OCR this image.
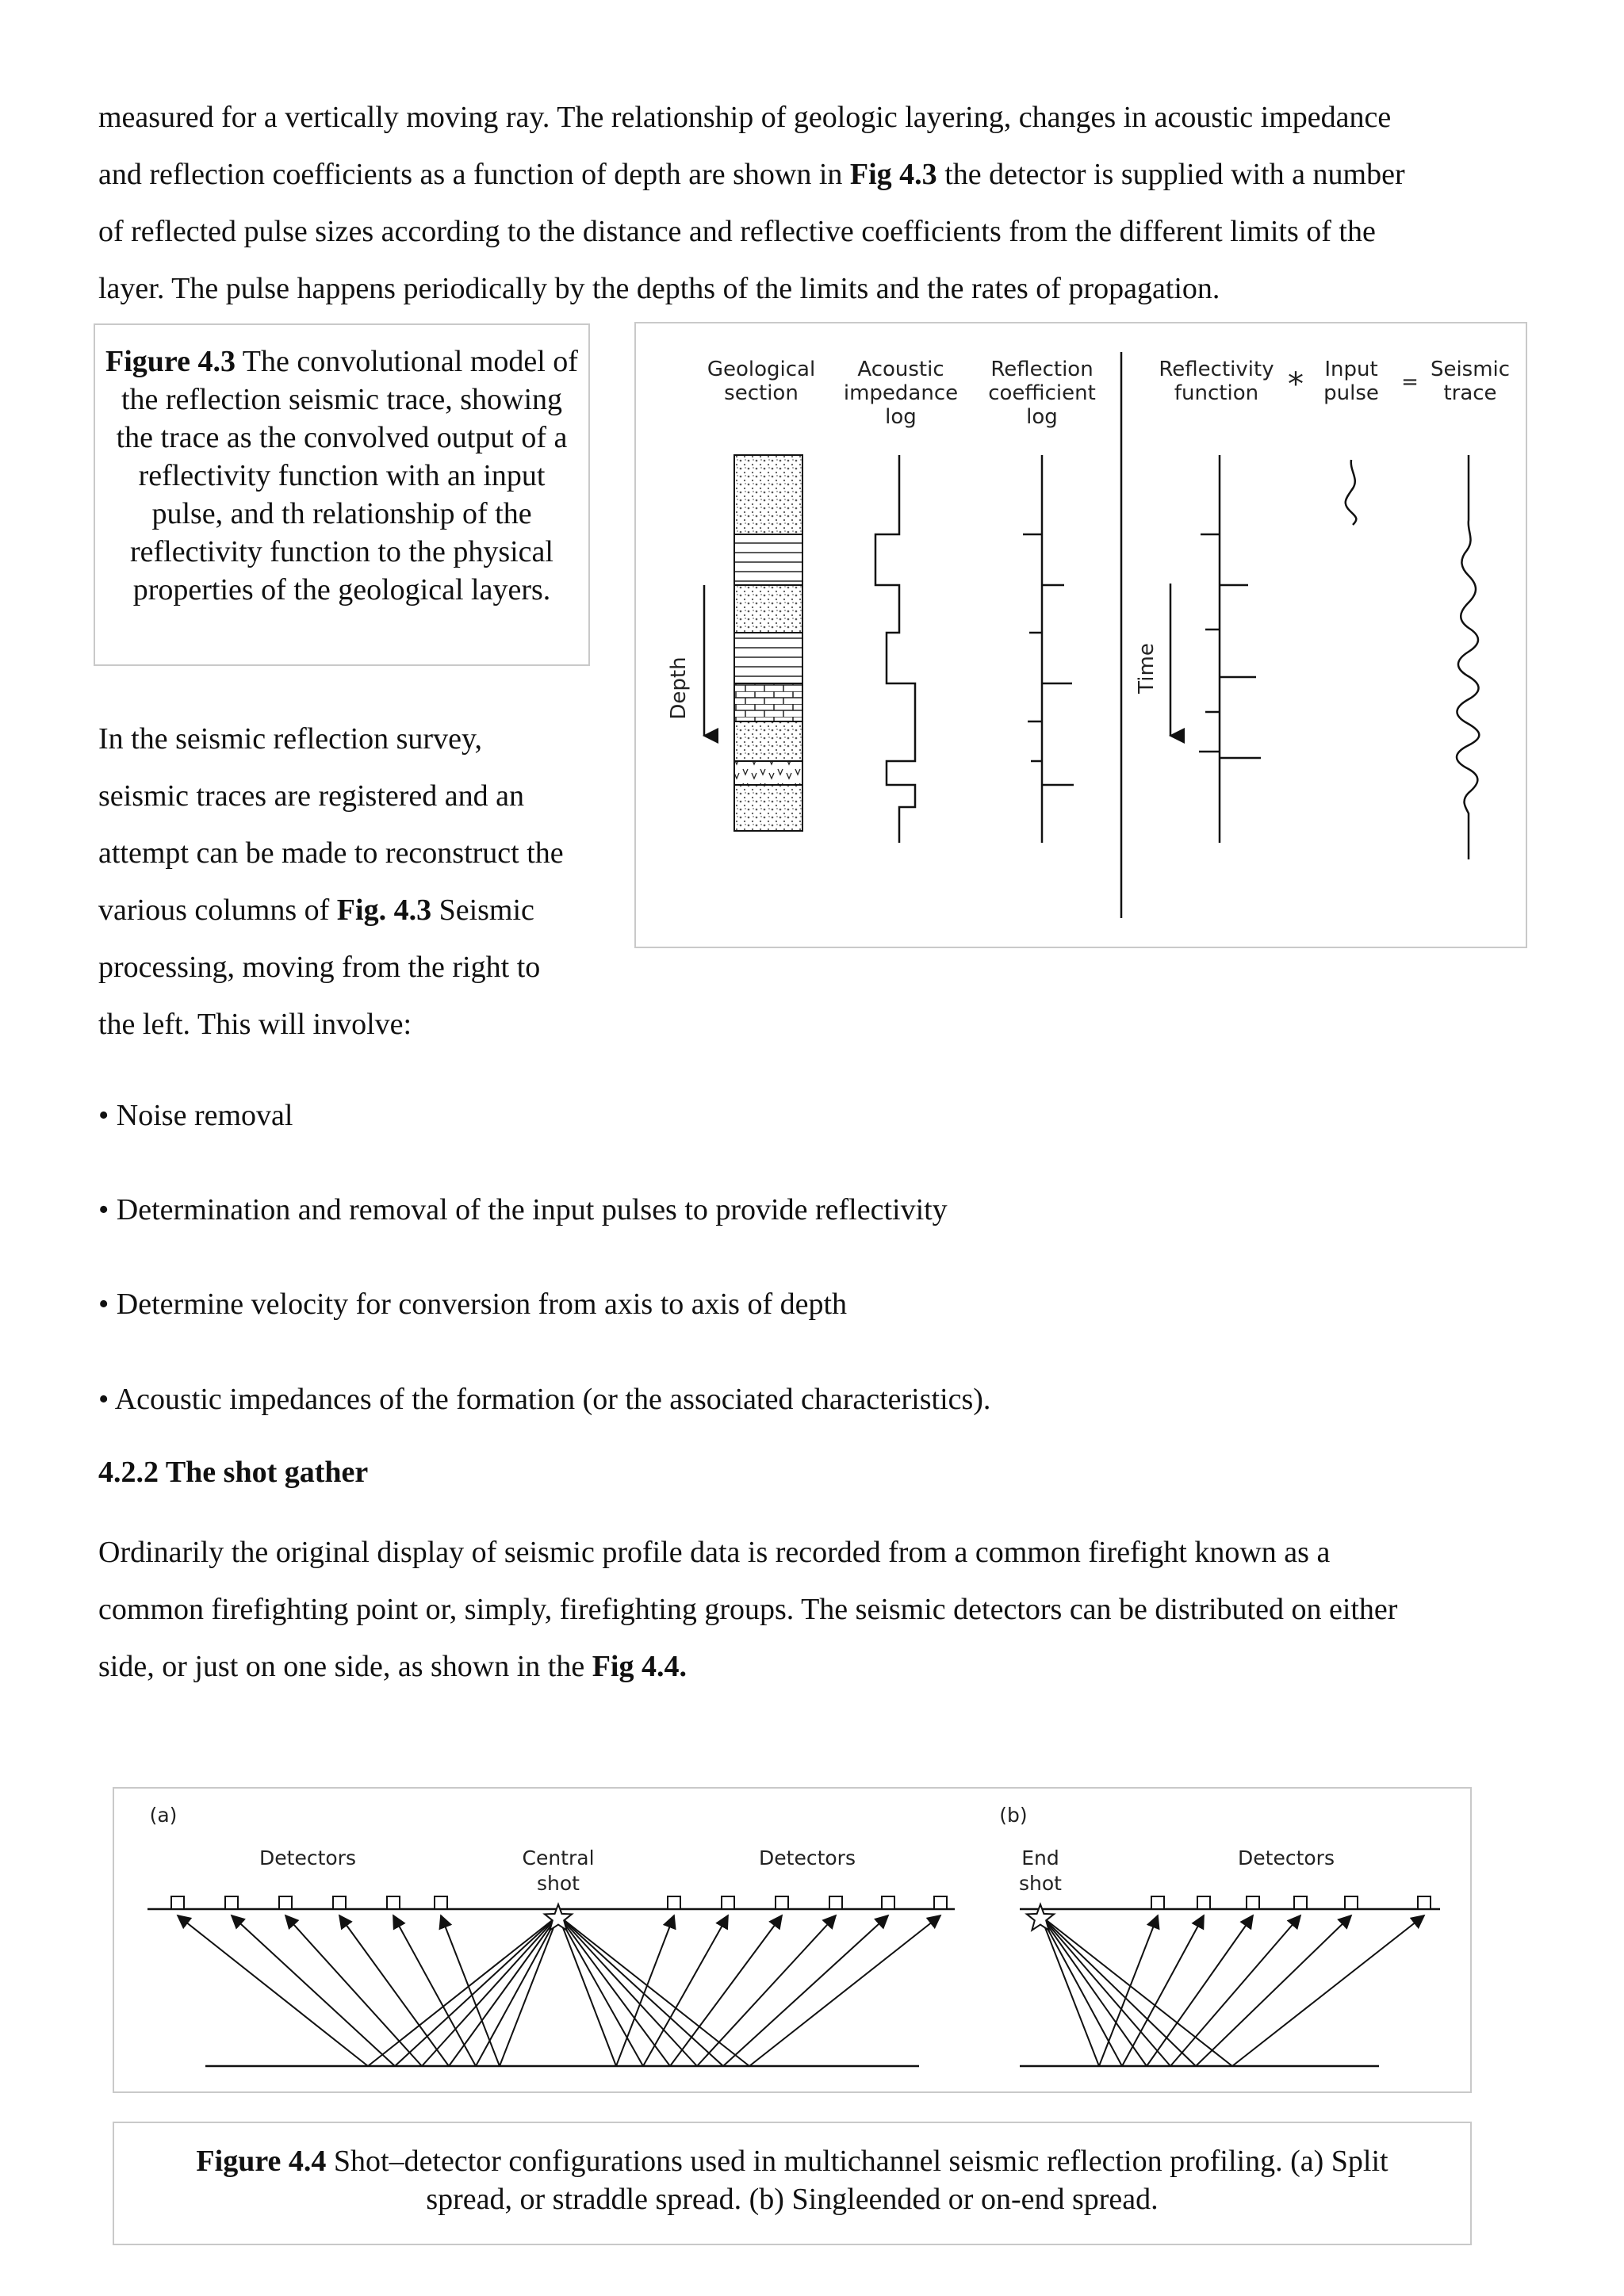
measured for a vertically moving ray. The relationship of geologic layering, changes in acoustic impedance
and reflection coefficients as a function of depth are shown in Fig 4.3 the detector is supplied with a number
of reflected pulse sizes according to the distance and reflective coefficients from the different limits of the
layer. The pulse happens periodically by the depths of the limits and the rates of propagation.
Figure 4.3 The convolutional model of the reflection seismic trace, showing the trace as the convolved output of a reflectivity function with an input pulse, and th relationship of the reflectivity function to the physical properties of the geological layers.
Geological
section
Acoustic
impedance
log
Reflection
coefficient
log
Reflectivity
function * Input
pulse =
Seismic
trace
Depth	Time
In the seismic reflection survey,
seismic traces are registered and an
attempt can be made to reconstruct the
various columns of Fig. 4.3 Seismic
processing, moving from the right to
the left. This will involve:
• Noise removal
• Determination and removal of the input pulses to provide reflectivity
• Determine velocity for conversion from axis to axis of depth
• Acoustic impedances of the formation (or the associated characteristics).
4.2.2 The shot gather
Ordinarily the original display of seismic profile data is recorded from a common firefight known as a
common firefighting point or, simply, firefighting groups. The seismic detectors can be distributed on either
side, or just on one side, as shown in the Fig 4.4.
(a)
Detectors	Central
shot
Detectors
(b)
End
shot
Detectors
Figure 4.4 Shot–detector configurations used in multichannel seismic reflection profiling. (a) Split
spread, or straddle spread. (b) Singleended or on-end spread.
